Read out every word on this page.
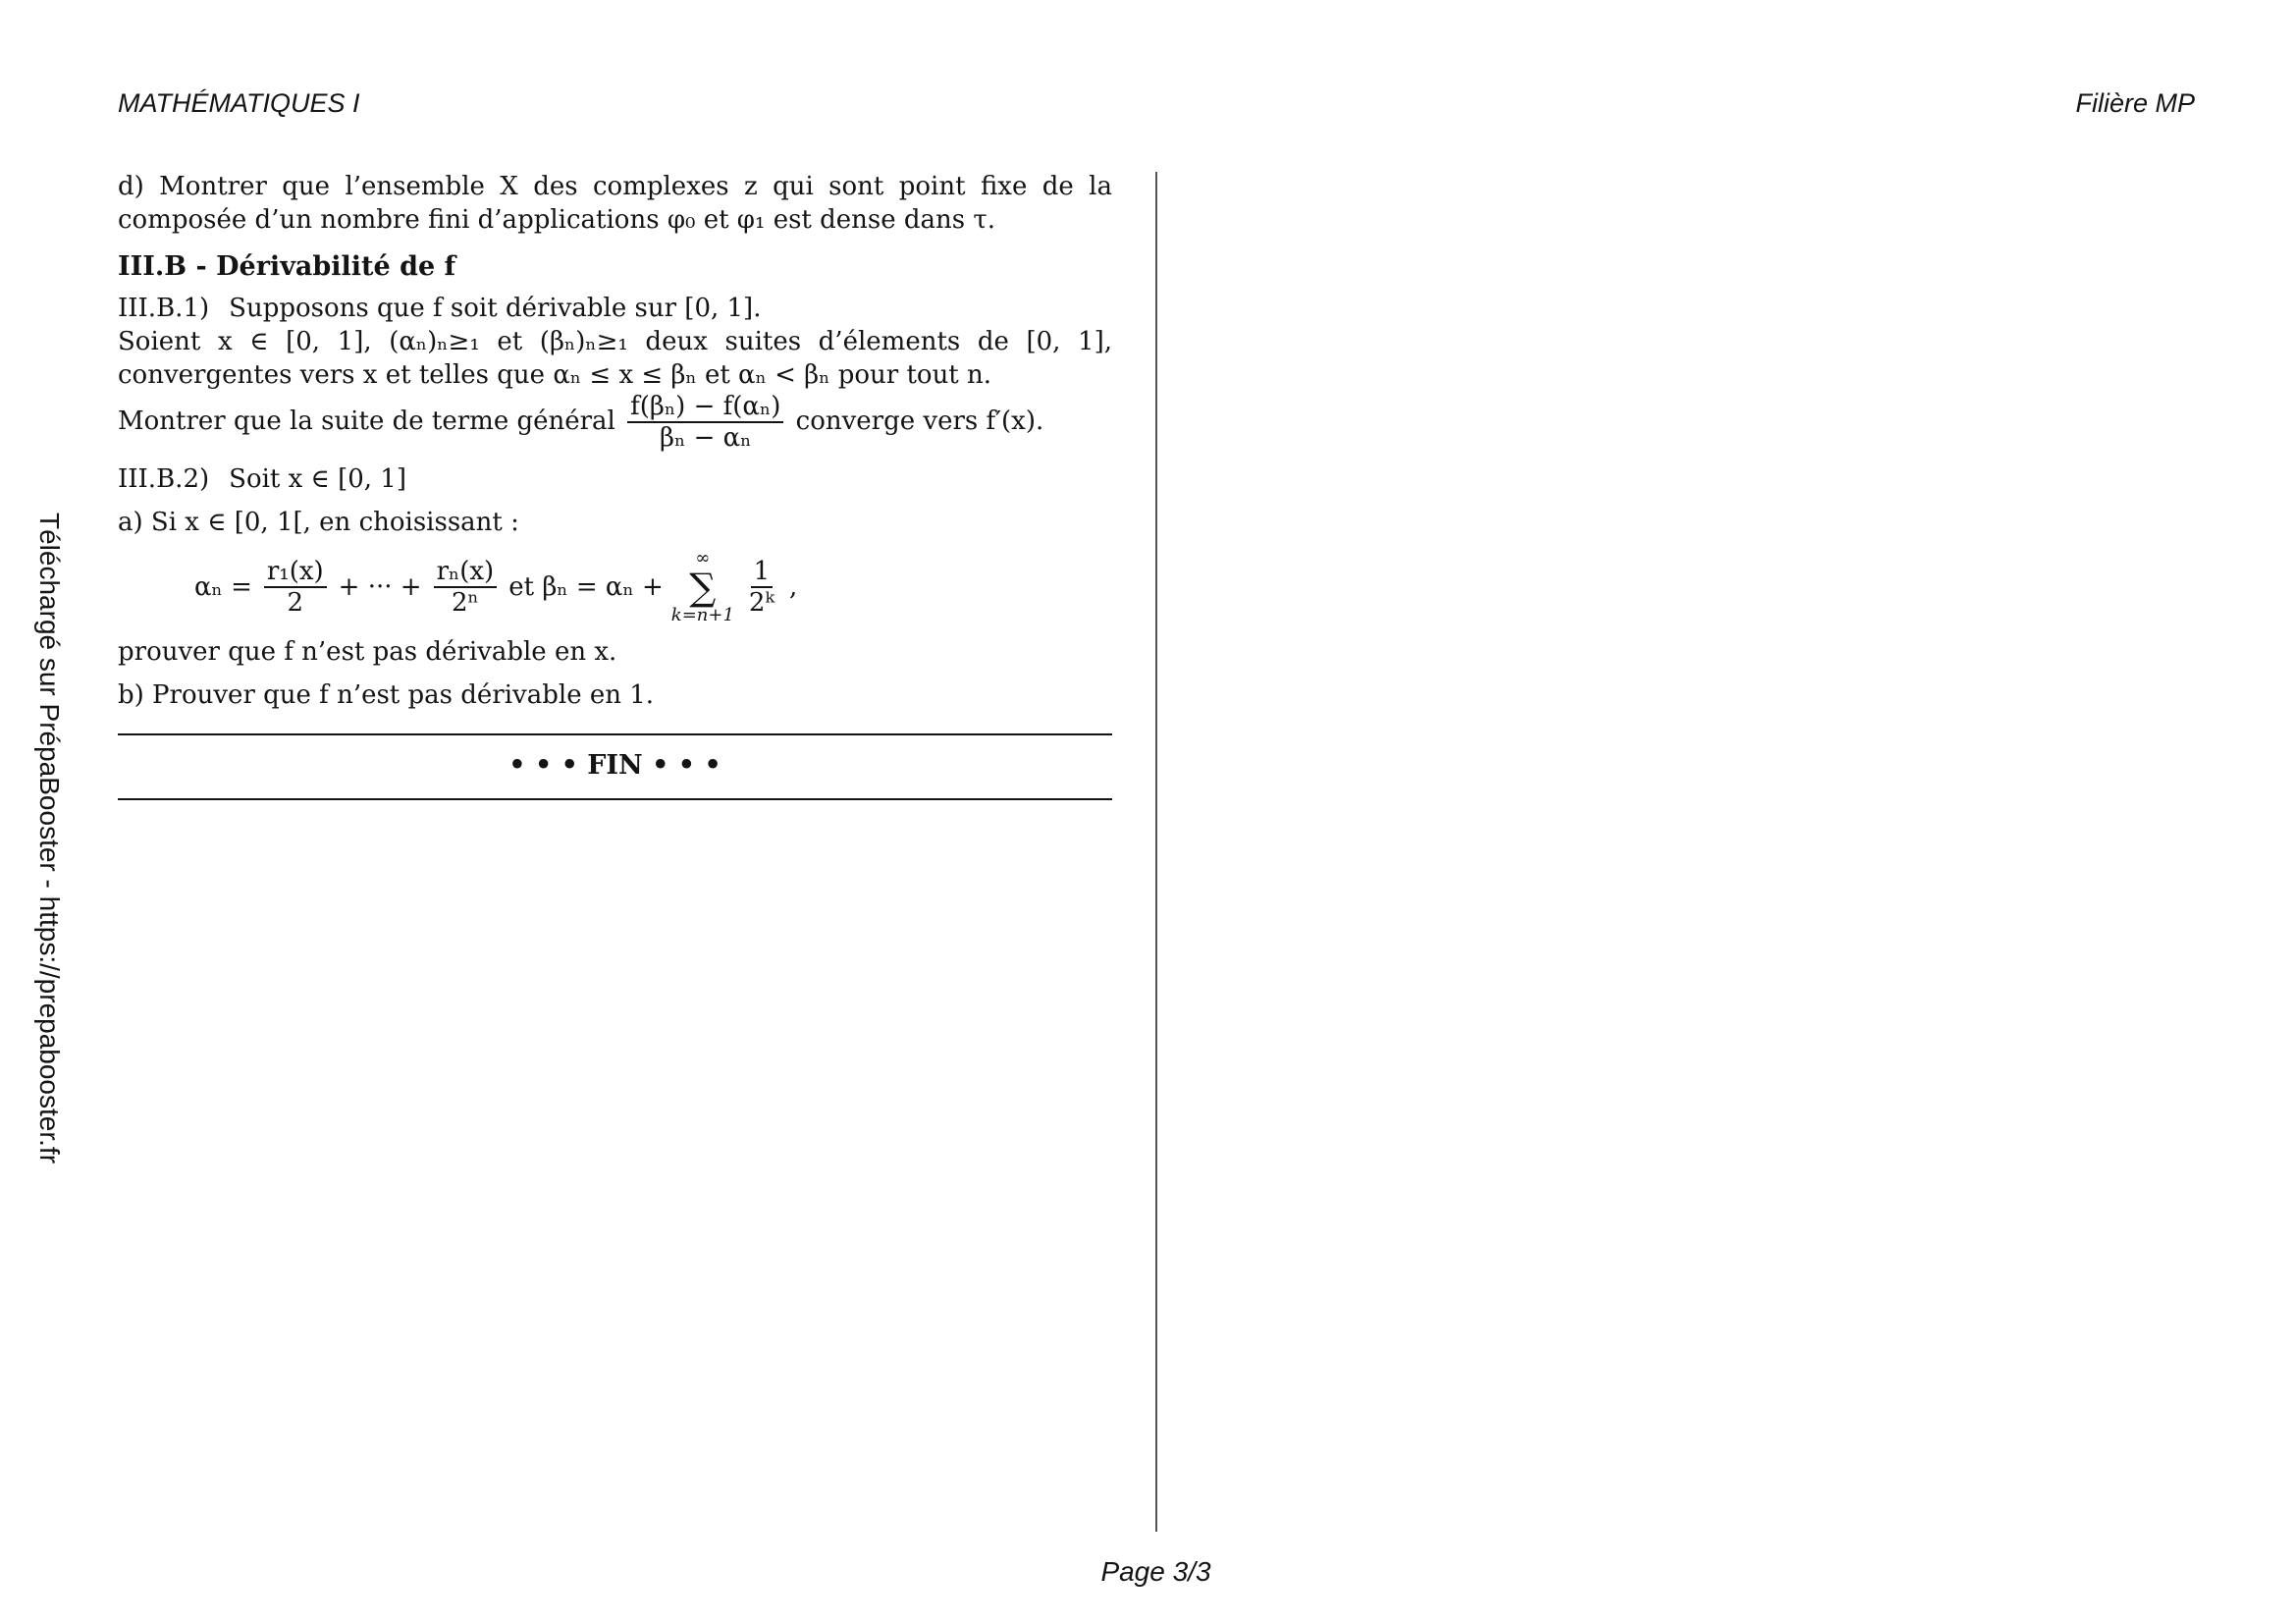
MATHÉMATIQUES I	Filière MP
Téléchargé sur PrépaBooster - https://prepabooster.fr

d) Montrer que l’ensemble X des complexes z qui sont point fixe de la composée d’un nombre fini d’applications φ₀ et φ₁ est dense dans τ.

III.B - Dérivabilité de f

III.B.1) Supposons que f soit dérivable sur [0, 1].

Soient x ∈ [0, 1], (αₙ)ₙ≥₁ et (βₙ)ₙ≥₁ deux suites d’élements de [0, 1], convergentes vers x et telles que αₙ ≤ x ≤ βₙ et αₙ < βₙ pour tout n.

Montrer que la suite de terme général $\frac{\text{f(βₙ) − f(αₙ)}}{\text{βₙ − αₙ}}$ converge vers f′(x).

III.B.2) Soit x ∈ [0, 1]

a) Si x ∈ [0, 1[, en choisissant :

$\alpha_n = \frac{\text{r₁(x)}}{2}$ + ··· + $\frac{\text{rₙ(x)}}{\text{2ⁿ}}$ et βₙ = αₙ +
∞
∑
$k=n+1 \frac{1}{\text{2ᵏ}}$ ,

prouver que f n’est pas dérivable en x.

b) Prouver que f n’est pas dérivable en 1.

• • • FIN • • •
Page 3/3
